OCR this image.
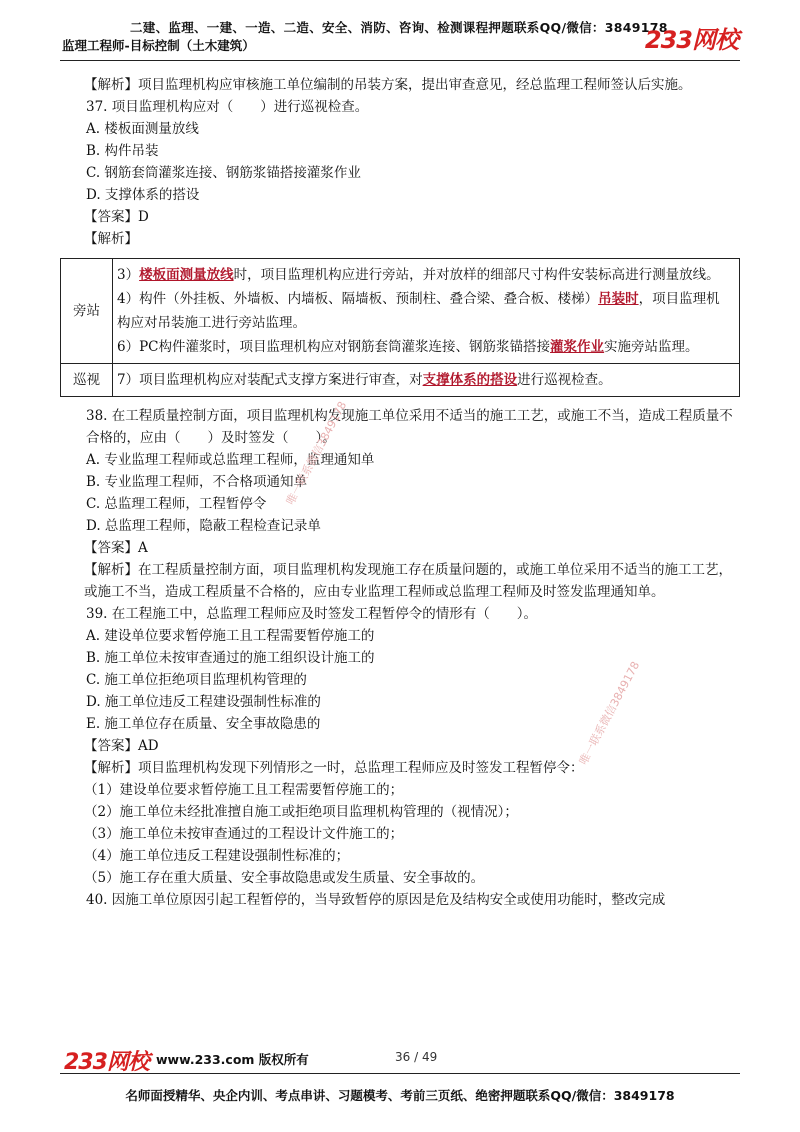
二建、监理、一建、一造、二造、安全、消防、咨询、检测课程押题联系QQ/微信：3849178
监理工程师-目标控制（土木建筑）	233网校
【解析】项目监理机构应审核施工单位编制的吊装方案，提出审查意见，经总监理工程师签认后实施。
37. 项目监理机构应对（　　）进行巡视检查。
A. 楼板面测量放线
B. 构件吊装
C. 钢筋套筒灌浆连接、钢筋浆锚搭接灌浆作业
D. 支撑体系的搭设
【答案】D
【解析】
旁站	3）楼板面测量放线时，项目监理机构应进行旁站，并对放样的细部尺寸构件安装标高进行测量放线。
4）构件（外挂板、外墙板、内墙板、隔墙板、预制柱、叠合梁、叠合板、楼梯）吊装时，项目监理机构应对吊装施工进行旁站监理。
6）PC构件灌浆时，项目监理机构应对钢筋套筒灌浆连接、钢筋浆锚搭接灌浆作业实施旁站监理。

巡视	7）项目监理机构应对装配式支撑方案进行审查，对支撑体系的搭设进行巡视检查。
38. 在工程质量控制方面，项目监理机构发现施工单位采用不适当的施工工艺，或施工不当，造成工程质量不合格的，应由（　　）及时签发（　　）。
A. 专业监理工程师或总监理工程师，监理通知单
B. 专业监理工程师，不合格项通知单
C. 总监理工程师，工程暂停令
D. 总监理工程师，隐蔽工程检查记录单
【答案】A
【解析】在工程质量控制方面，项目监理机构发现施工存在质量问题的，或施工单位采用不适当的施工工艺，或施工不当，造成工程质量不合格的，应由专业监理工程师或总监理工程师及时签发监理通知单。
39. 在工程施工中，总监理工程师应及时签发工程暂停令的情形有（　　）。
A. 建设单位要求暂停施工且工程需要暂停施工的
B. 施工单位未按审查通过的施工组织设计施工的
C. 施工单位拒绝项目监理机构管理的
D. 施工单位违反工程建设强制性标准的
E. 施工单位存在质量、安全事故隐患的
【答案】AD
【解析】项目监理机构发现下列情形之一时，总监理工程师应及时签发工程暂停令：
（1）建设单位要求暂停施工且工程需要暂停施工的；
（2）施工单位未经批准擅自施工或拒绝项目监理机构管理的（视情况）；
（3）施工单位未按审查通过的工程设计文件施工的；
（4）施工单位违反工程建设强制性标准的；
（5）施工存在重大质量、安全事故隐患或发生质量、安全事故的。
40. 因施工单位原因引起工程暂停的，当导致暂停的原因是危及结构安全或使用功能时，整改完成
唯一联系微信3849178
唯一联系微信3849178
233网校 www.233.com 版权所有	36 / 49
名师面授精华、央企内训、考点串讲、习题模考、考前三页纸、绝密押题联系QQ/微信：3849178
